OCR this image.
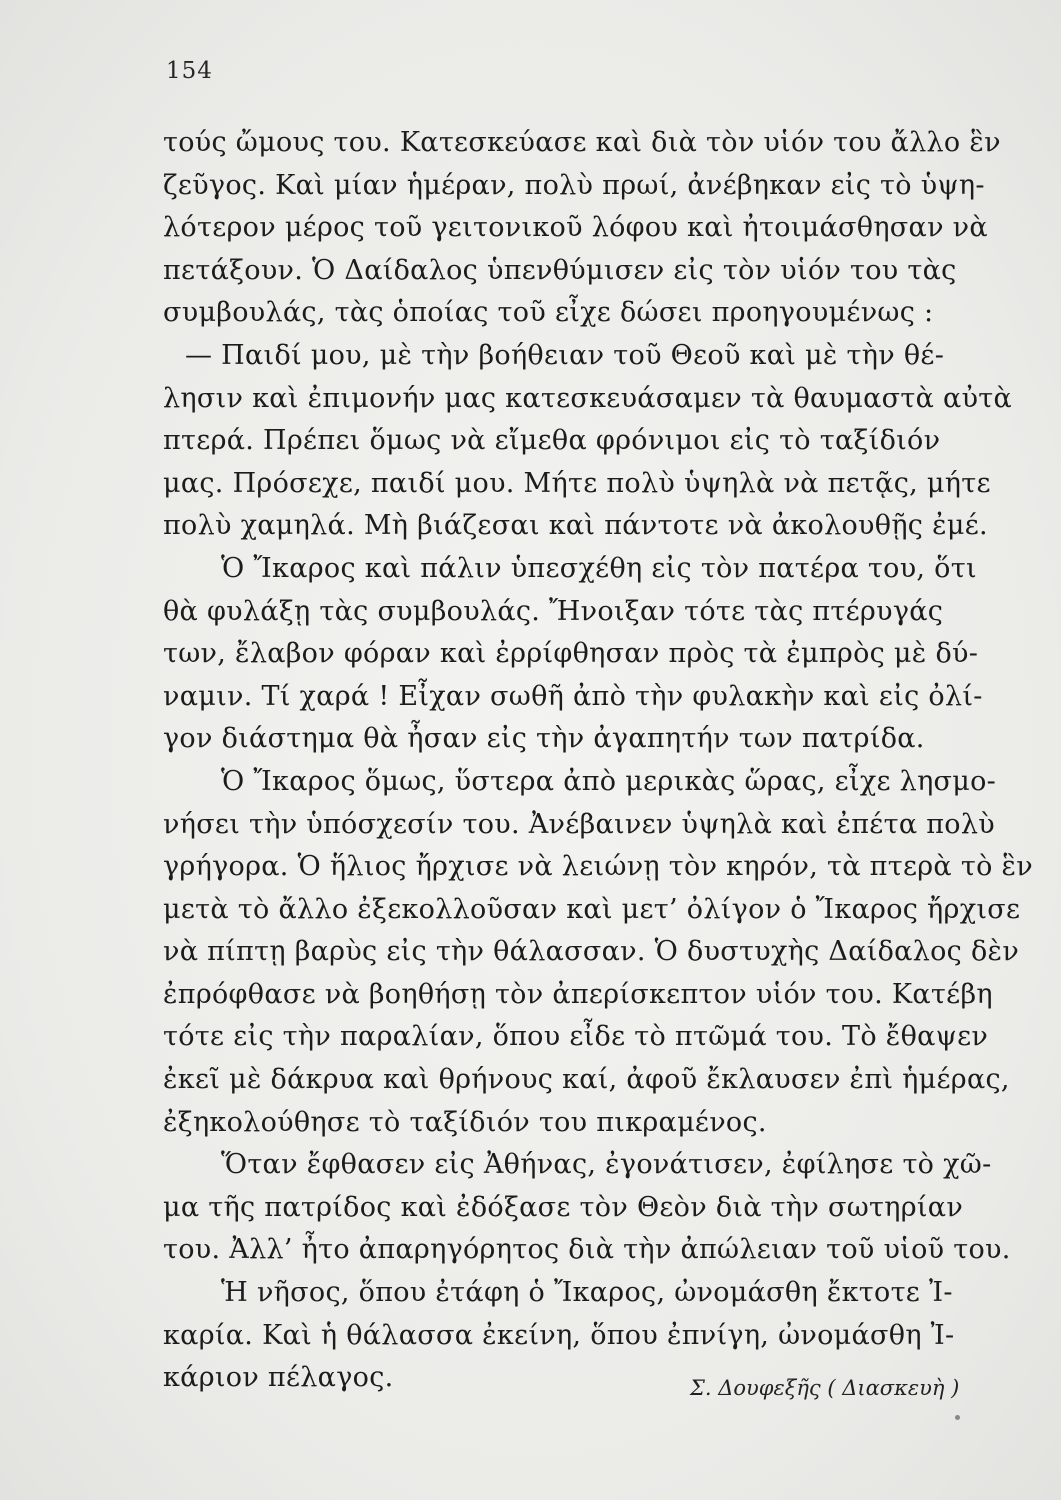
154
τούς ὤμους του. Κατεσκεύασε καὶ διὰ τὸν υἱόν του ἄλλο ἓν
ζεῦγος. Καὶ μίαν ἡμέραν, πολὺ πρωί, ἀνέβηκαν εἰς τὸ ὑψη-
λότερον μέρος τοῦ γειτονικοῦ λόφου καὶ ἠτοιμάσθησαν νὰ
πετάξουν. Ὁ Δαίδαλος ὑπενθύμισεν εἰς τὸν υἱόν του τὰς
συμβουλάς, τὰς ὁποίας τοῦ εἶχε δώσει προηγουμένως :
— Παιδί μου, μὲ τὴν βοήθειαν τοῦ Θεοῦ καὶ μὲ τὴν θέ-
λησιν καὶ ἐπιμονήν μας κατεσκευάσαμεν τὰ θαυμαστὰ αὐτὰ
πτερά. Πρέπει ὅμως νὰ εἴμεθα φρόνιμοι εἰς τὸ ταξίδιόν
μας. Πρόσεχε, παιδί μου. Μήτε πολὺ ὑψηλὰ νὰ πετᾷς, μήτε
πολὺ χαμηλά. Μὴ βιάζεσαι καὶ πάντοτε νὰ ἀκολουθῇς ἐμέ.
Ὁ Ἴκαρος καὶ πάλιν ὑπεσχέθη εἰς τὸν πατέρα του, ὅτι
θὰ φυλάξῃ τὰς συμβουλάς. Ἤνοιξαν τότε τὰς πτέρυγάς
των, ἔλαβον φόραν καὶ ἐρρίφθησαν πρὸς τὰ ἐμπρὸς μὲ δύ-
ναμιν. Τί χαρά ! Εἶχαν σωθῆ ἀπὸ τὴν φυλακὴν καὶ εἰς ὀλί-
γον διάστημα θὰ ἦσαν εἰς τὴν ἀγαπητήν των πατρίδα.
Ὁ Ἴκαρος ὅμως, ὕστερα ἀπὸ μερικὰς ὥρας, εἶχε λησμο-
νήσει τὴν ὑπόσχεσίν του. Ἀνέβαινεν ὑψηλὰ καὶ ἐπέτα πολὺ
γρήγορα. Ὁ ἥλιος ἤρχισε νὰ λειώνῃ τὸν κηρόν, τὰ πτερὰ τὸ ἓν
μετὰ τὸ ἄλλο ἐξεκολλοῦσαν καὶ μετ’ ὀλίγον ὁ Ἴκαρος ἤρχισε
νὰ πίπτῃ βαρὺς εἰς τὴν θάλασσαν. Ὁ δυστυχὴς Δαίδαλος δὲν
ἐπρόφθασε νὰ βοηθήσῃ τὸν ἀπερίσκεπτον υἱόν του. Κατέβη
τότε εἰς τὴν παραλίαν, ὅπου εἶδε τὸ πτῶμά του. Τὸ ἔθαψεν
ἐκεῖ μὲ δάκρυα καὶ θρήνους καί, ἀφοῦ ἔκλαυσεν ἐπὶ ἡμέρας,
ἐξηκολούθησε τὸ ταξίδιόν του πικραμένος.
Ὅταν ἔφθασεν εἰς Ἀθήνας, ἐγονάτισεν, ἐφίλησε τὸ χῶ-
μα τῆς πατρίδος καὶ ἐδόξασε τὸν Θεὸν διὰ τὴν σωτηρίαν
του. Ἀλλ’ ἦτο ἀπαρηγόρητος διὰ τὴν ἀπώλειαν τοῦ υἱοῦ του.
Ἡ νῆσος, ὅπου ἐτάφη ὁ Ἴκαρος, ὠνομάσθη ἔκτοτε Ἰ-
καρία. Καὶ ἡ θάλασσα ἐκείνη, ὅπου ἐπνίγη, ὠνομάσθη Ἰ-
κάριον πέλαγος.	Σ. Δουφεξῆς ( Διασκευὴ )
